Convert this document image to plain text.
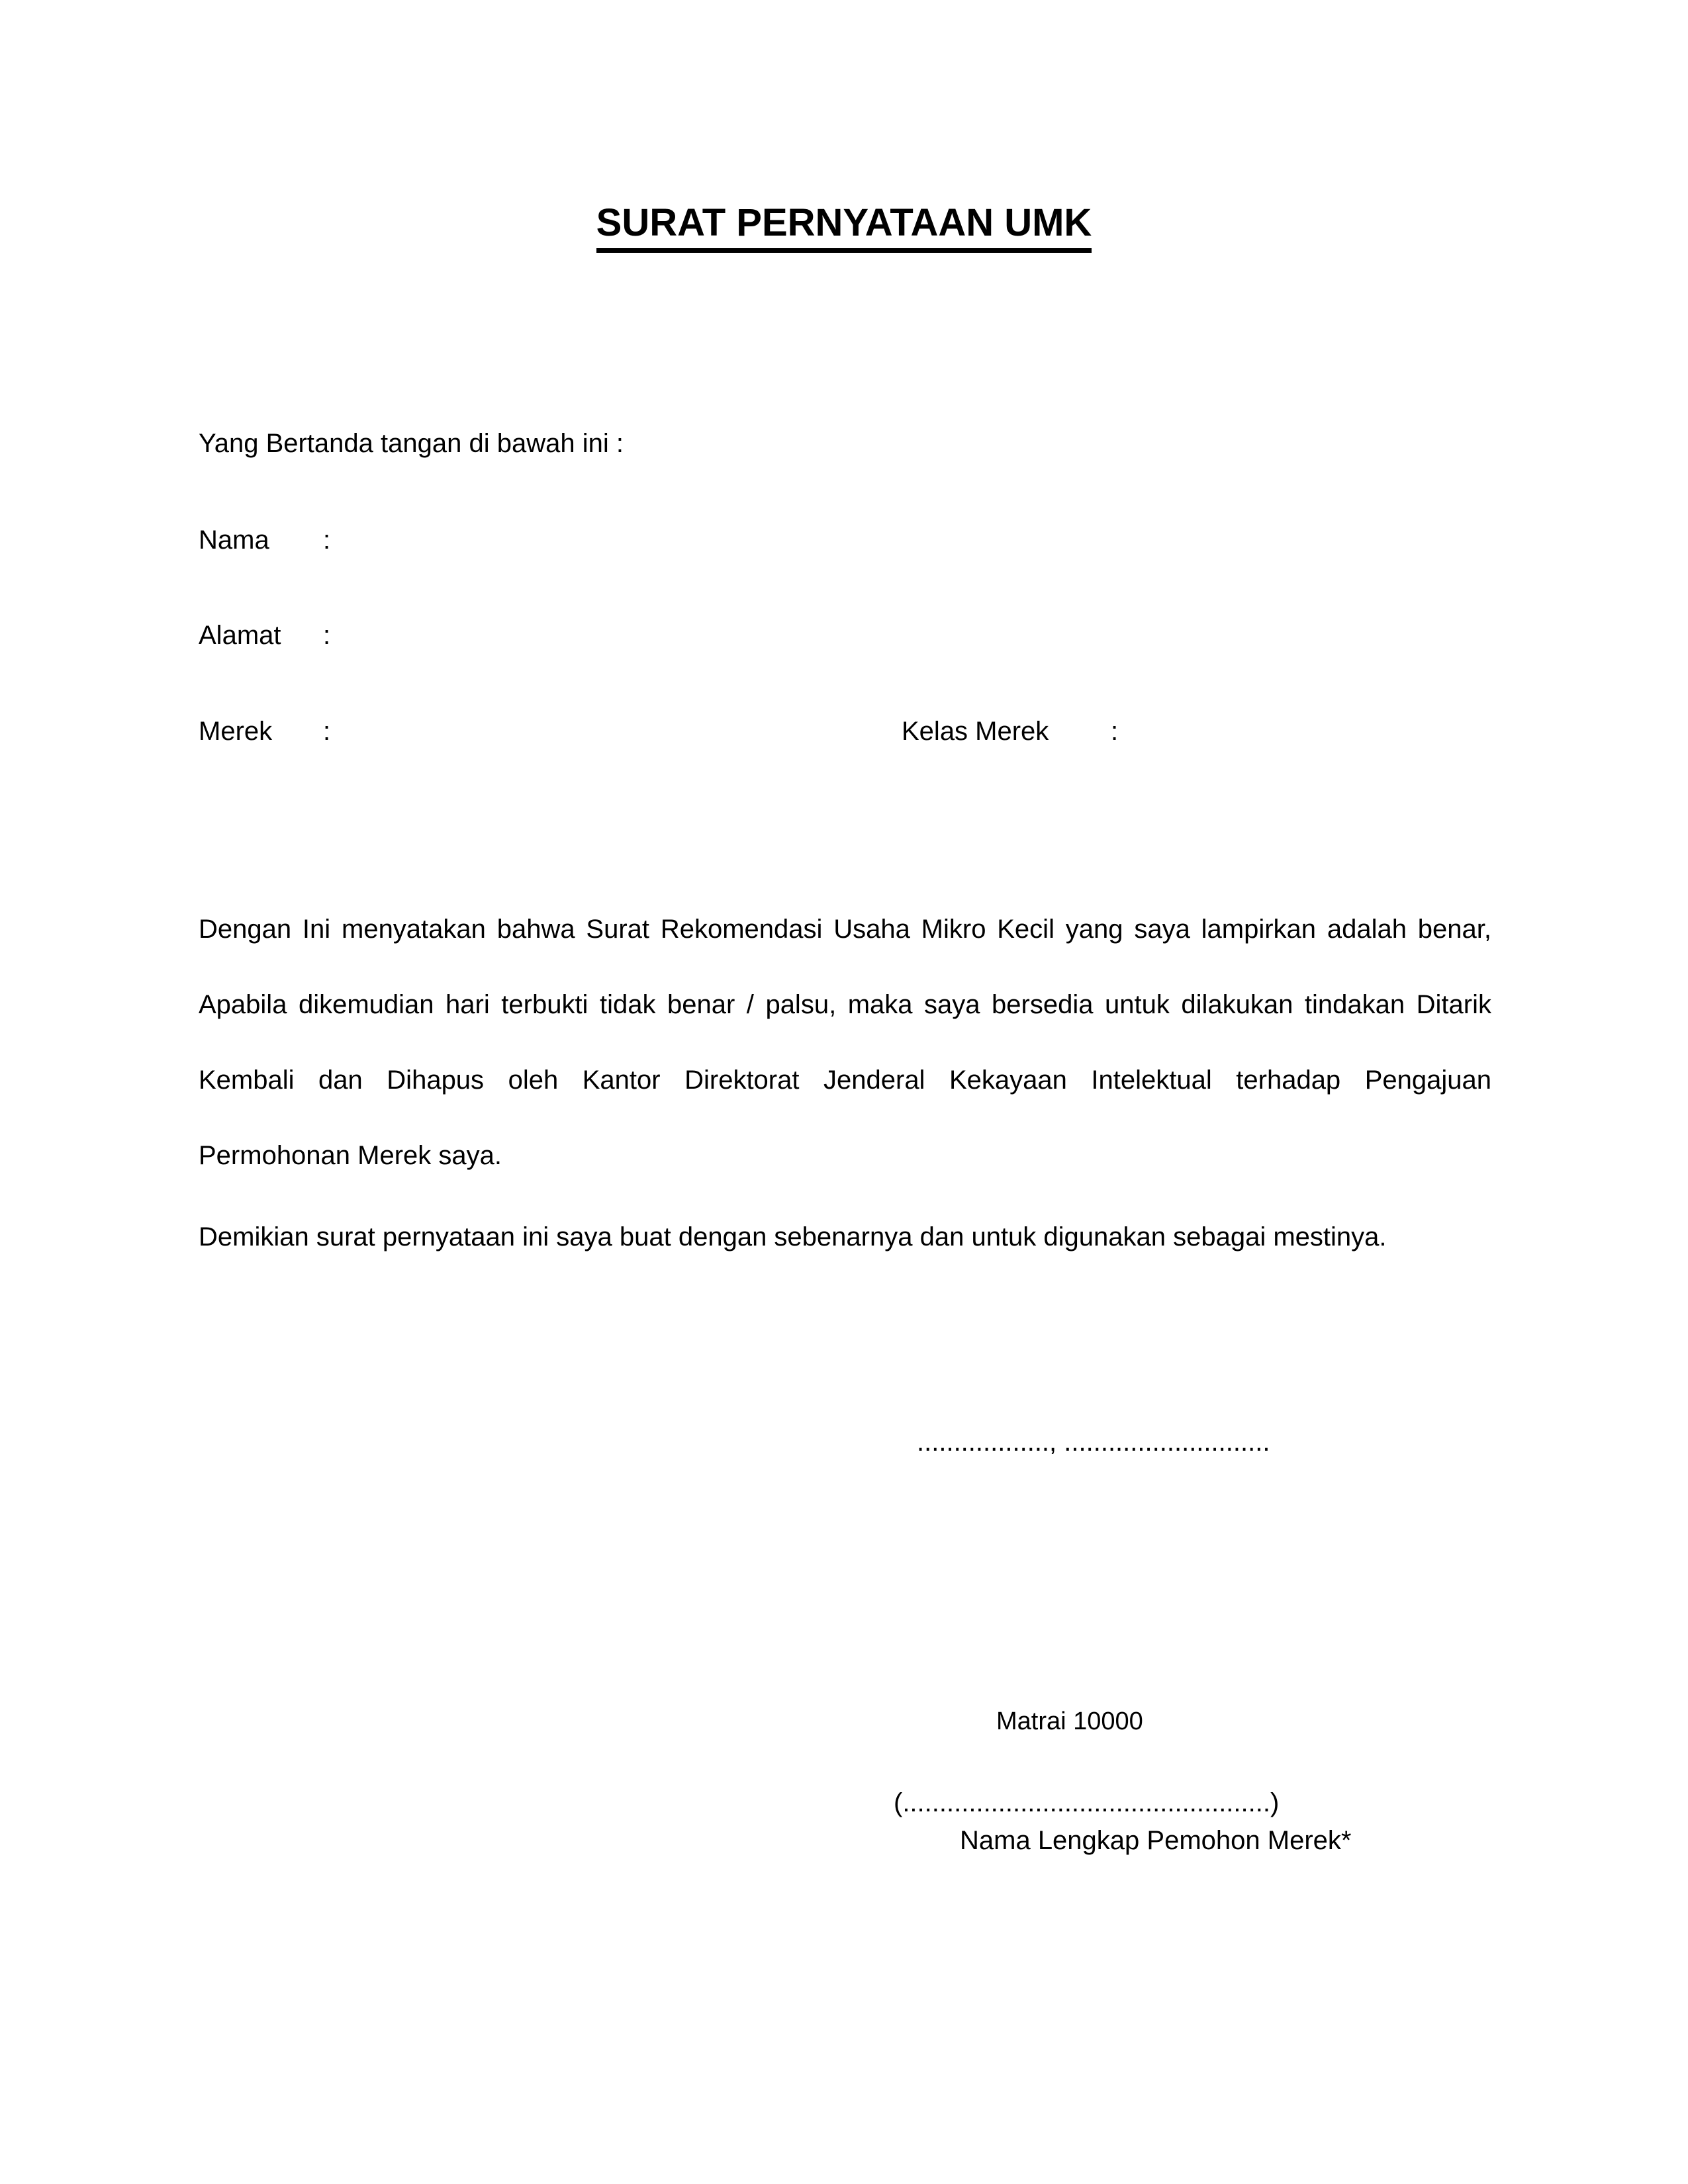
SURAT PERNYATAAN UMK
Yang Bertanda tangan di bawah ini :
Nama	:
Alamat	:
Merek	:	Kelas Merek	:
Dengan Ini menyatakan bahwa Surat Rekomendasi Usaha Mikro Kecil yang saya lampirkan adalah benar,
Apabila dikemudian hari terbukti tidak benar / palsu, maka saya bersedia untuk dilakukan tindakan Ditarik
Kembali dan Dihapus oleh Kantor Direktorat Jenderal Kekayaan Intelektual terhadap Pengajuan
Permohonan Merek saya.
Demikian surat pernyataan ini saya buat dengan sebenarnya dan untuk digunakan sebagai mestinya.
.................., ............................
Matrai 10000
(..................................................)
Nama Lengkap Pemohon Merek*
